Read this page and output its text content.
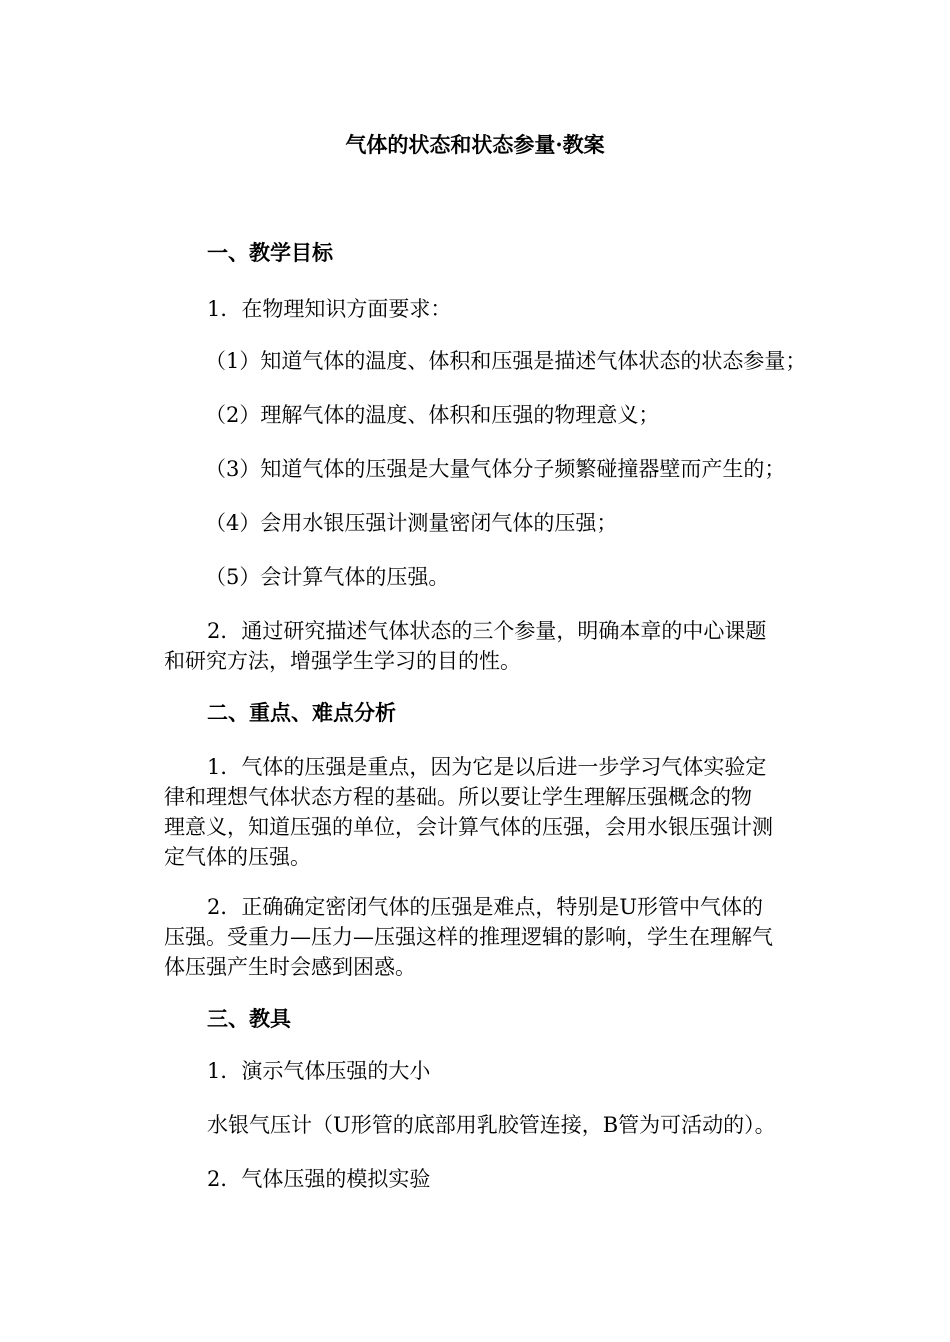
气体的状态和状态参量·教案
一、教学目标
1．在物理知识方面要求：
（1）知道气体的温度、体积和压强是描述气体状态的状态参量；
（2）理解气体的温度、体积和压强的物理意义；
（3）知道气体的压强是大量气体分子频繁碰撞器壁而产生的；
（4）会用水银压强计测量密闭气体的压强；
（5）会计算气体的压强。
2．通过研究描述气体状态的三个参量，明确本章的中心课题
和研究方法，增强学生学习的目的性。
二、重点、难点分析
1．气体的压强是重点，因为它是以后进一步学习气体实验定
律和理想气体状态方程的基础。所以要让学生理解压强概念的物
理意义，知道压强的单位，会计算气体的压强，会用水银压强计测
定气体的压强。
2．正确确定密闭气体的压强是难点，特别是U形管中气体的
压强。受重力—压力—压强这样的推理逻辑的影响，学生在理解气
体压强产生时会感到困惑。
三、教具
1．演示气体压强的大小
水银气压计（U形管的底部用乳胶管连接，B管为可活动的）。
2．气体压强的模拟实验
